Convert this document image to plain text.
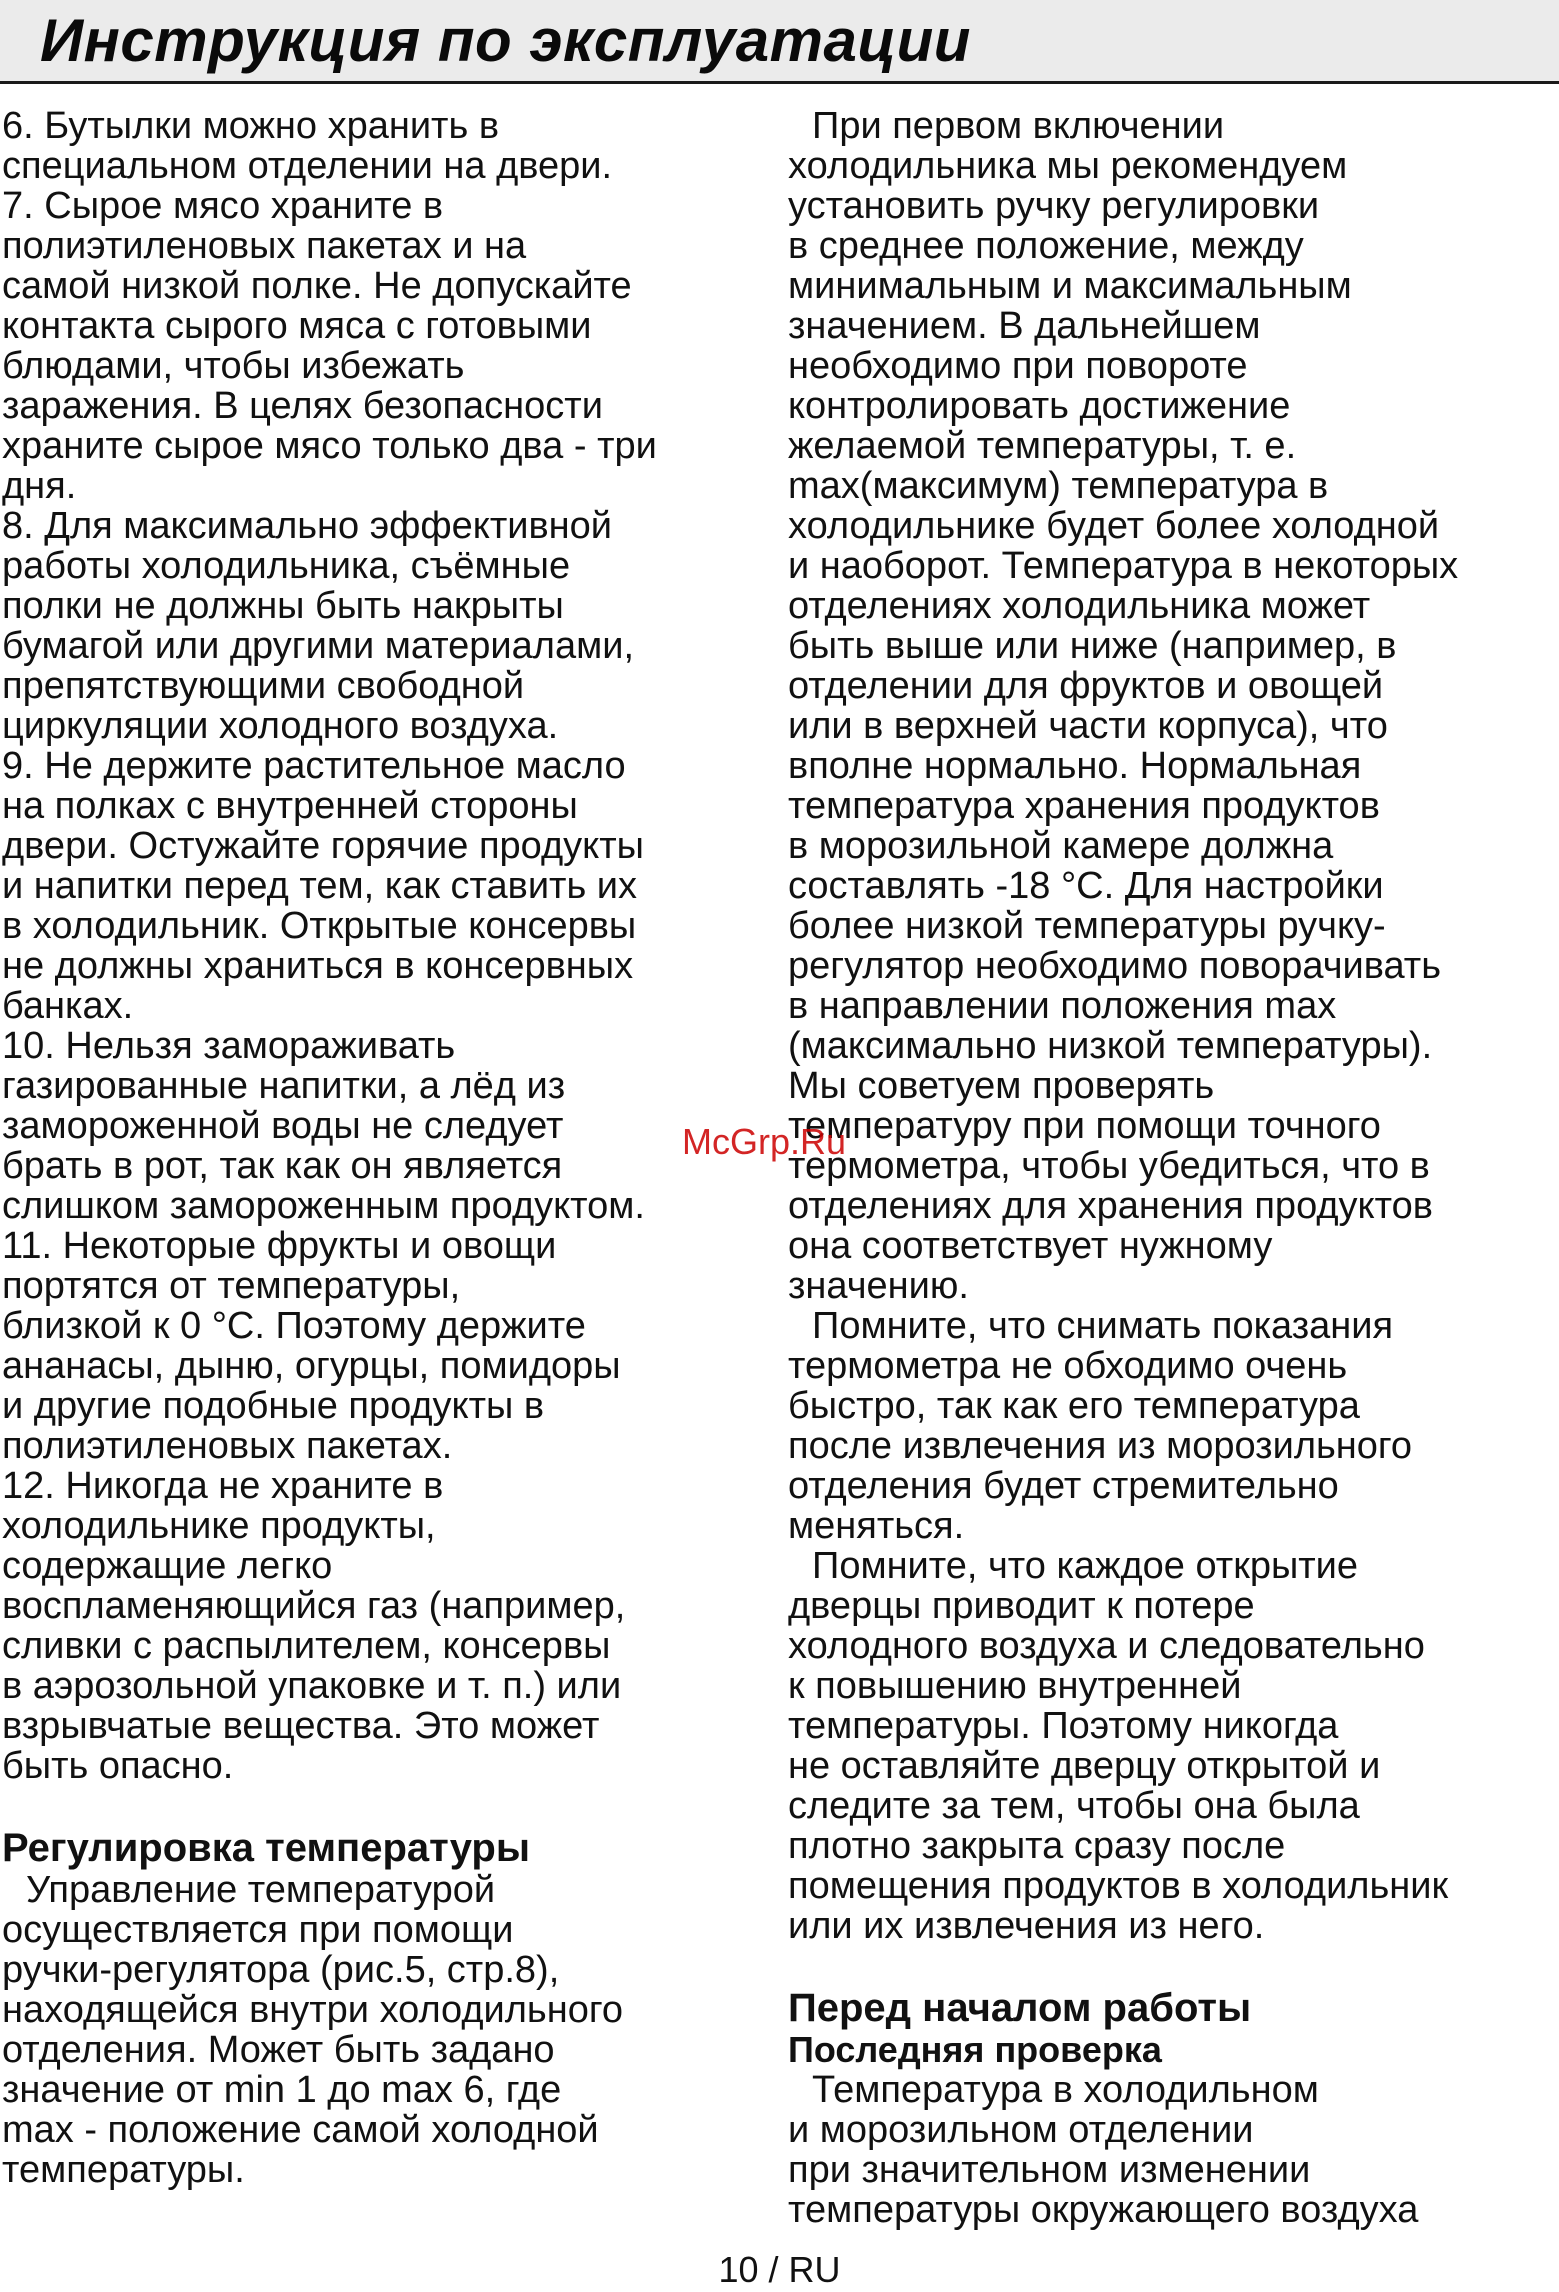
Инструкция по эксплуатации

6. Бутылки можно хранить в
специальном отделении на двери.

7. Сырое мясо храните в
полиэтиленовых пакетах и на
самой низкой полке. Не допускайте
контакта сырого мяса с готовыми
блюдами, чтобы избежать
заражения. В целях безопасности
храните сырое мясо только два - три
дня.

8. Для максимально эффективной
работы холодильника, съёмные
полки не должны быть накрыты
бумагой или другими материалами,
препятствующими свободной
циркуляции холодного воздуха.

9. Не держите растительное масло
на полках с внутренней стороны
двери. Остужайте горячие продукты
и напитки перед тем, как ставить их
в холодильник. Открытые консервы
не должны храниться в консервных
банках.

10. Нельзя замораживать
газированные напитки, а лёд из
замороженной воды не следует
брать в рот, так как он является
слишком замороженным продуктом.

11. Некоторые фрукты и овощи
портятся от температуры,
близкой к 0 °С. Поэтому держите
ананасы, дыню, огурцы, помидоры
и другие подобные продукты в
полиэтиленовых пакетах.

12. Никогда не храните в
холодильнике продукты,
содержащие легко
воспламеняющийся газ (например,
сливки с распылителем, консервы
в аэрозольной упаковке и т. п.) или
взрывчатые вещества. Это может
быть опасно.

Регулировка температуры

Управление температурой
осуществляется при помощи
ручки-регулятора (рис.5, стр.8),
находящейся внутри холодильного
отделения. Может быть задано
значение от min 1 до max 6, где
max - положение самой холодной
температуры.

При первом включении
холодильника мы рекомендуем
установить ручку регулировки
в среднее положение, между
минимальным и максимальным
значением. В дальнейшем
необходимо при повороте
контролировать достижение
желаемой температуры, т. е.
max(максимум) температура в
холодильнике будет более холодной
и наоборот. Температура в некоторых
отделениях холодильника может
быть выше или ниже (например, в
отделении для фруктов и овощей
или в верхней части корпуса), что
вполне нормально. Нормальная
температура хранения продуктов
в морозильной камере должна
составлять -18 °С. Для настройки
более низкой температуры ручку-
регулятор необходимо поворачивать
в направлении положения max
(максимально низкой температуры).
Мы советуем проверять
температуру при помощи точного
термометра, чтобы убедиться, что в
отделениях для хранения продуктов
она соответствует нужному
значению.

Помните, что снимать показания
термометра не обходимо очень
быстро, так как его температура
после извлечения из морозильного
отделения будет стремительно
меняться.

Помните, что каждое открытие
дверцы приводит к потере
холодного воздуха и следовательно
к повышению внутренней
температуры. Поэтому никогда
не оставляйте дверцу открытой и
следите за тем, чтобы она была
плотно закрыта сразу после
помещения продуктов в холодильник
или их извлечения из него.

Перед началом работы
Последняя проверка

Температура в холодильном
и морозильном отделении
при значительном изменении
температуры окружающего воздуха

McGrp.Ru
10 / RU
